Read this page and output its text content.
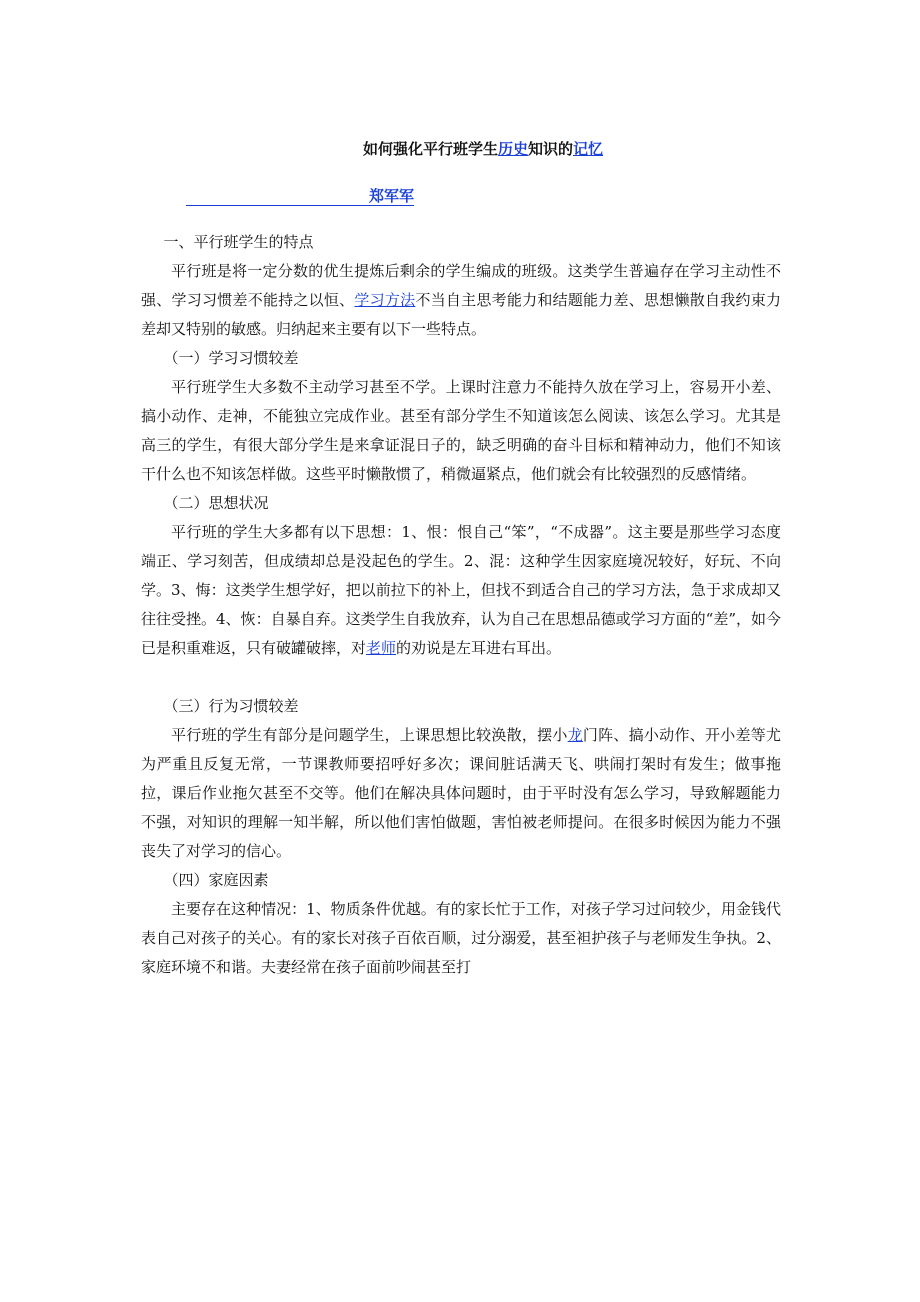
如何强化平行班学生历史知识的记忆
郑军军

一、平行班学生的特点

平行班是将一定分数的优生提炼后剩余的学生编成的班级。这类学生普遍存在学习主动性不强、学习习惯差不能持之以恒、学习方法不当自主思考能力和结题能力差、思想懒散自我约束力差却又特别的敏感。归纳起来主要有以下一些特点。

（一）学习习惯较差

平行班学生大多数不主动学习甚至不学。上课时注意力不能持久放在学习上，容易开小差、搞小动作、走神，不能独立完成作业。甚至有部分学生不知道该怎么阅读、该怎么学习。尤其是高三的学生，有很大部分学生是来拿证混日子的，缺乏明确的奋斗目标和精神动力，他们不知该干什么也不知该怎样做。这些平时懒散惯了，稍微逼紧点，他们就会有比较强烈的反感情绪。

（二）思想状况

平行班的学生大多都有以下思想：1、恨：恨自己“笨”，“不成器”。这主要是那些学习态度端正、学习刻苦，但成绩却总是没起色的学生。2、混：这种学生因家庭境况较好，好玩、不向学。3、悔：这类学生想学好，把以前拉下的补上，但找不到适合自己的学习方法，急于求成却又往往受挫。4、恢：自暴自弃。这类学生自我放弃，认为自己在思想品德或学习方面的“差”，如今已是积重难返，只有破罐破摔，对老师的劝说是左耳进右耳出。

（三）行为习惯较差

平行班的学生有部分是问题学生，上课思想比较涣散，摆小龙门阵、搞小动作、开小差等尤为严重且反复无常，一节课教师要招呼好多次；课间脏话满天飞、哄闹打架时有发生；做事拖拉，课后作业拖欠甚至不交等。他们在解决具体问题时，由于平时没有怎么学习，导致解题能力不强，对知识的理解一知半解，所以他们害怕做题，害怕被老师提问。在很多时候因为能力不强丧失了对学习的信心。

（四）家庭因素

主要存在这种情况：1、物质条件优越。有的家长忙于工作，对孩子学习过问较少，用金钱代表自己对孩子的关心。有的家长对孩子百依百顺，过分溺爱，甚至袒护孩子与老师发生争执。2、家庭环境不和谐。夫妻经常在孩子面前吵闹甚至打
